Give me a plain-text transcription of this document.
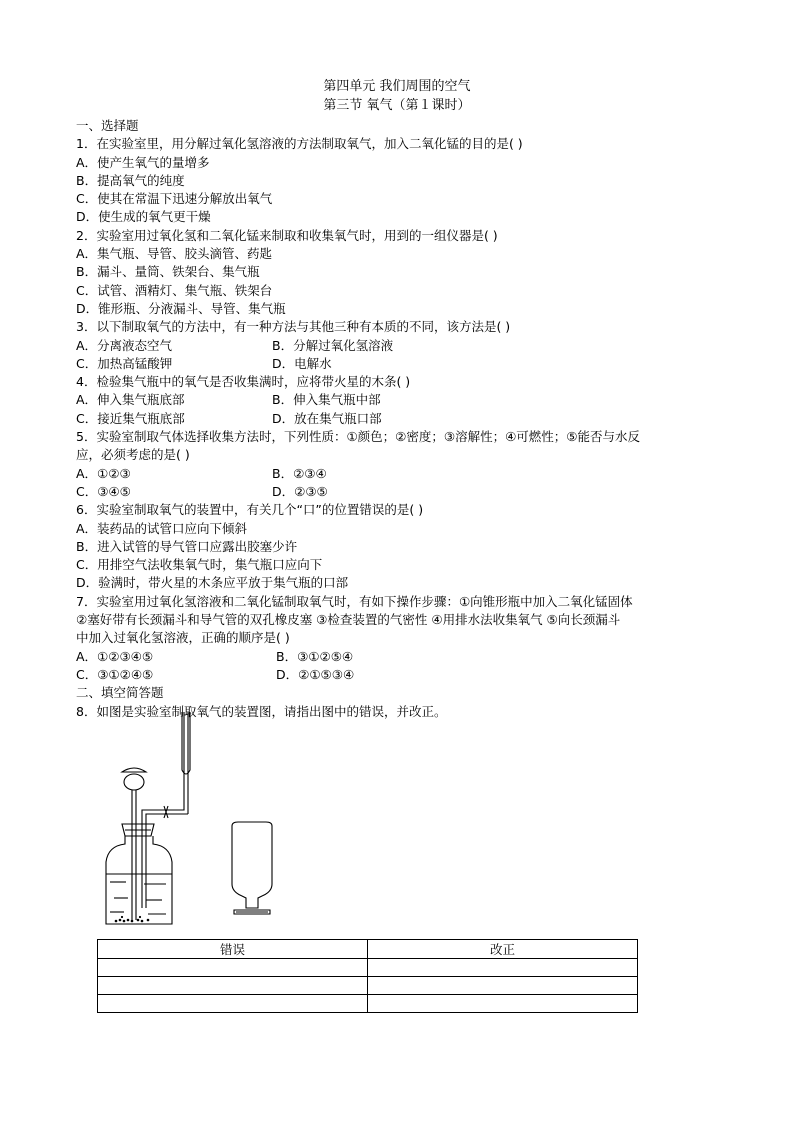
第四单元 我们周围的空气
第三节 氧气（第１课时）
一、选择题
1．在实验室里，用分解过氧化氢溶液的方法制取氧气，加入二氧化锰的目的是( )
A．使产生氧气的量增多
B．提高氧气的纯度
C．使其在常温下迅速分解放出氧气
D．使生成的氧气更干燥
2．实验室用过氧化氢和二氧化锰来制取和收集氧气时，用到的一组仪器是( )
A．集气瓶、导管、胶头滴管、药匙
B．漏斗、量筒、铁架台、集气瓶
C．试管、酒精灯、集气瓶、铁架台
D．锥形瓶、分液漏斗、导管、集气瓶
3．以下制取氧气的方法中，有一种方法与其他三种有本质的不同，该方法是( )
A．分离液态空气	B．分解过氧化氢溶液
C．加热高锰酸钾	D．电解水
4．检验集气瓶中的氧气是否收集满时，应将带火星的木条( )
A．伸入集气瓶底部	B．伸入集气瓶中部
C．接近集气瓶底部	D．放在集气瓶口部
5．实验室制取气体选择收集方法时，下列性质：①颜色；②密度；③溶解性；④可燃性；⑤能否与水反
应，必须考虑的是( )
A．①②③	B．②③④
C．③④⑤	D．②③⑤
6．实验室制取氧气的装置中，有关几个“口”的位置错误的是( )
A．装药品的试管口应向下倾斜
B．进入试管的导气管口应露出胶塞少许
C．用排空气法收集氧气时，集气瓶口应向下
D．验满时，带火星的木条应平放于集气瓶的口部
7．实验室用过氧化氢溶液和二氧化锰制取氧气时，有如下操作步骤：①向锥形瓶中加入二氧化锰固体
②塞好带有长颈漏斗和导气管的双孔橡皮塞 ③检查装置的气密性 ④用排水法收集氧气 ⑤向长颈漏斗
中加入过氧化氢溶液，正确的顺序是( )
A．①②③④⑤	B．③①②⑤④
C．③①②④⑤	D．②①⑤③④
二、填空简答题
8．如图是实验室制取氧气的装置图，请指出图中的错误，并改正。
错误	改正
